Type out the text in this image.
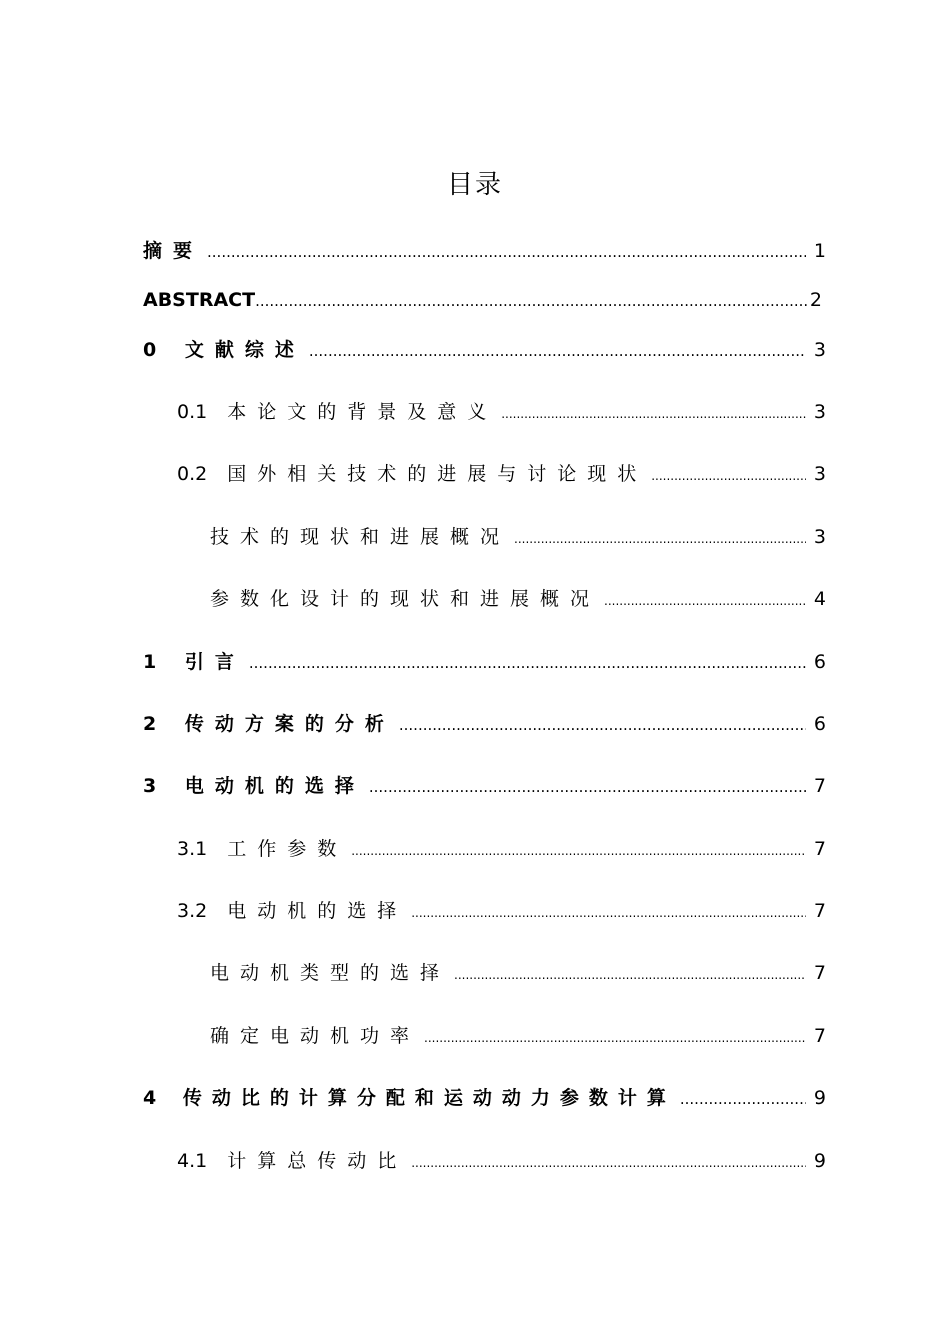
目录
摘要 .....	1
ABSTRACT .....	2
0 文献综述 .....	3
0.1 本论文的背景及意义 .....	3
0.2 国外相关技术的进展与讨论现状 .....	3
技术的现状和进展概况 .....	3
参数化设计的现状和进展概况 .....	4
1 引言 .....	6
2 传动方案的分析 .....	6
3 电动机的选择 .....	7
3.1 工作参数 .....	7
3.2 电动机的选择 .....	7
电动机类型的选择 .....	7
确定电动机功率 .....	7
4 传动比的计算分配和运动动力参数计算 .....	9
4.1 计算总传动比 .....	9
